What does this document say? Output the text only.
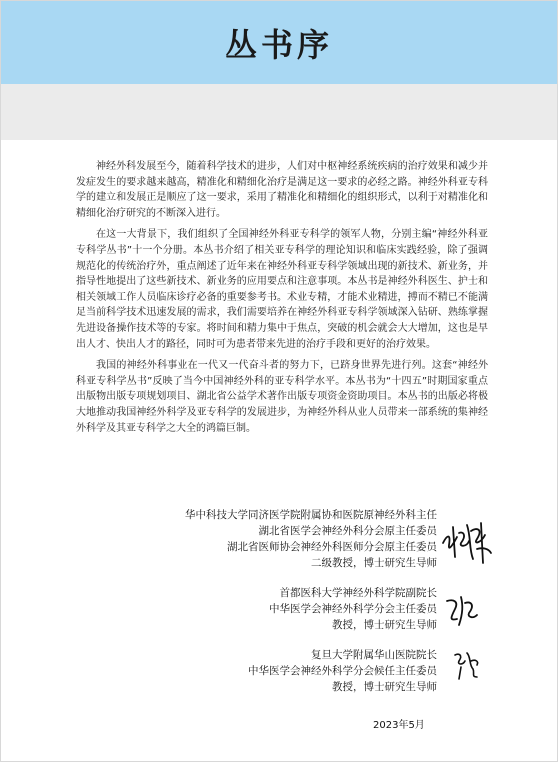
丛书序

神经外科发展至今，随着科学技术的进步，人们对中枢神经系统疾病的治疗效果和减少并发症发生的要求越来越高，精准化和精细化治疗是满足这一要求的必经之路。神经外科亚专科学的建立和发展正是顺应了这一要求，采用了精准化和精细化的组织形式，以利于对精准化和精细化治疗研究的不断深入进行。

在这一大背景下，我们组织了全国神经外科亚专科学的领军人物，分别主编“神经外科亚专科学丛书”十一个分册。本丛书介绍了相关亚专科学的理论知识和临床实践经验，除了强调规范化的传统治疗外，重点阐述了近年来在神经外科亚专科学领域出现的新技术、新业务，并指导性地提出了这些新技术、新业务的应用要点和注意事项。本丛书是神经外科医生、护士和相关领域工作人员临床诊疗必备的重要参考书。术业专精，才能术业精进，搏而不精已不能满足当前科学技术迅速发展的需求，我们需要培养在神经外科亚专科学领域深入钻研、熟练掌握先进设备操作技术等的专家。将时间和精力集中于焦点，突破的机会就会大大增加，这也是早出人才、快出人才的路径，同时可为患者带来先进的治疗手段和更好的治疗效果。

我国的神经外科事业在一代又一代奋斗者的努力下，已跻身世界先进行列。这套“神经外科亚专科学丛书”反映了当今中国神经外科的亚专科学水平。本丛书为“十四五”时期国家重点出版物出版专项规划项目、湖北省公益学术著作出版专项资金资助项目。本丛书的出版必将极大地推动我国神经外科学及亚专科学的发展进步，为神经外科从业人员带来一部系统的集神经外科学及其亚专科学之大全的鸿篇巨制。

华中科技大学同济医学院附属协和医院原神经外科主任
湖北省医学会神经外科分会原主任委员
湖北省医师协会神经外科医师分会原主任委员
二级教授，博士研究生导师
首都医科大学神经外科学院副院长
中华医学会神经外科学分会主任委员
教授，博士研究生导师
复旦大学附属华山医院院长
中华医学会神经外科学分会候任主任委员
教授，博士研究生导师
2023年5月
